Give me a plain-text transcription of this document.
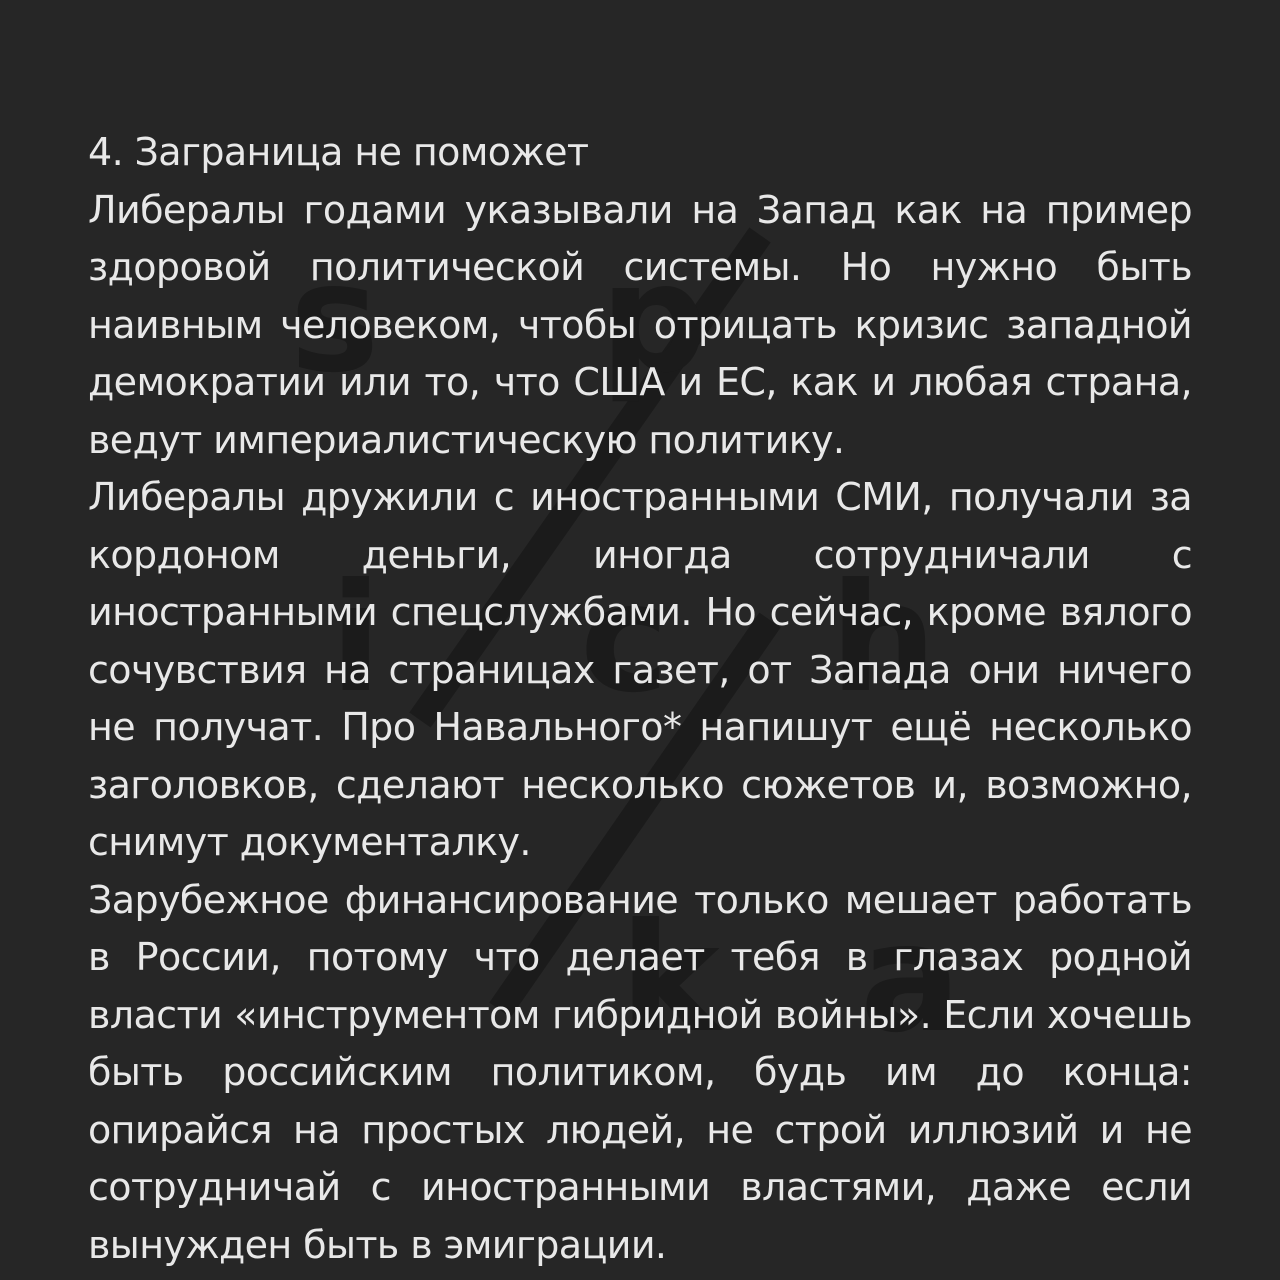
s p
i c h
k a

4. Заграница не поможет

Либералы годами указывали на Запад как на пример здоровой политической системы. Но нужно быть наивным человеком, чтобы отрицать кризис западной демократии или то, что США и ЕС, как и любая страна, ведут империалистическую политику.

Либералы дружили с иностранными СМИ, получали за кордоном деньги, иногда сотрудничали с иностранными спецслужбами. Но сейчас, кроме вялого сочувствия на страницах газет, от Запада они ничего не получат. Про Навального* напишут ещё несколько заголовков, сделают несколько сюжетов и, возможно, снимут документалку.

Зарубежное финансирование только мешает работать в России, потому что делает тебя в глазах родной власти «инструментом гибридной войны». Если хочешь быть российским политиком, будь им до конца: опирайся на простых людей, не строй иллюзий и не сотрудничай с иностранными властями, даже если вынужден быть в эмиграции.
